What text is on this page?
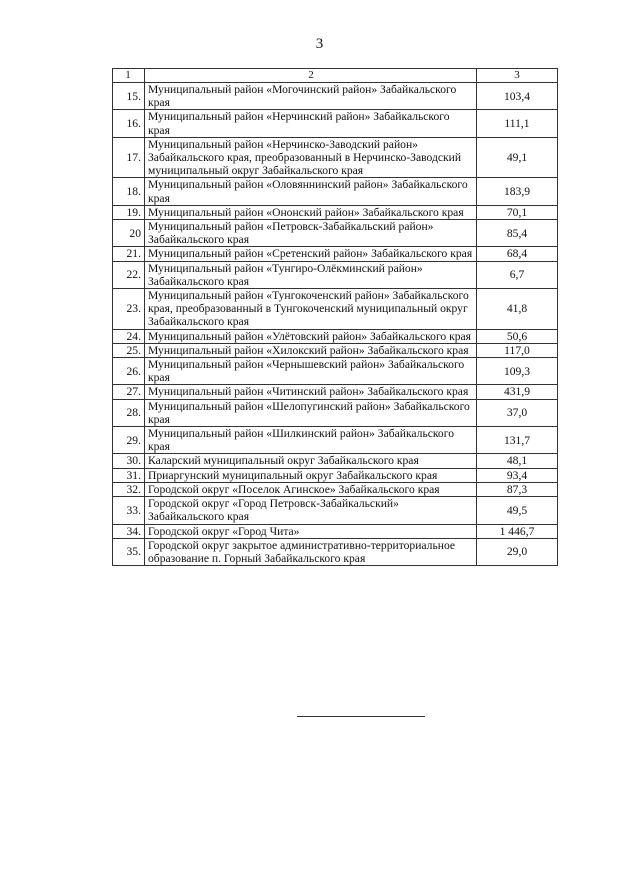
3
1	2	3
15.	Муниципальный район «Могочинский район» Забайкальского края	103,4
16.	Муниципальный район «Нерчинский район» Забайкальского края	111,1
17.	Муниципальный район «Нерчинско-Заводский район» Забайкальского края, преобразованный в Нерчинско-Заводский муниципальный округ Забайкальского края	49,1
18.	Муниципальный район «Оловяннинский район» Забайкальского края	183,9
19.	Муниципальный район «Ононский район» Забайкальского края	70,1
20	Муниципальный район «Петровск-Забайкальский район» Забайкальского края	85,4
21.	Муниципальный район «Сретенский район» Забайкальского края	68,4
22.	Муниципальный район «Тунгиро-Олёкминский район» Забайкальского края	6,7
23.	Муниципальный район «Тунгокоченский район» Забайкальского края, преобразованный в Тунгокоченский муниципальный округ Забайкальского края	41,8
24.	Муниципальный район «Улётовский район» Забайкальского края	50,6
25.	Муниципальный район «Хилокский район» Забайкальского края	117,0
26.	Муниципальный район «Чернышевский район» Забайкальского края	109,3
27.	Муниципальный район «Читинский район» Забайкальского края	431,9
28.	Муниципальный район «Шелопугинский район» Забайкальского края	37,0
29.	Муниципальный район «Шилкинский район» Забайкальского края	131,7
30.	Каларский муниципальный округ Забайкальского края	48,1
31.	Приаргунский муниципальный округ Забайкальского края	93,4
32.	Городской округ «Поселок Агинское» Забайкальского края	87,3
33.	Городской округ «Город Петровск-Забайкальский» Забайкальского края	49,5
34.	Городской округ «Город Чита»	1 446,7
35.	Городской округ закрытое административно-территориальное образование п. Горный Забайкальского края	29,0
